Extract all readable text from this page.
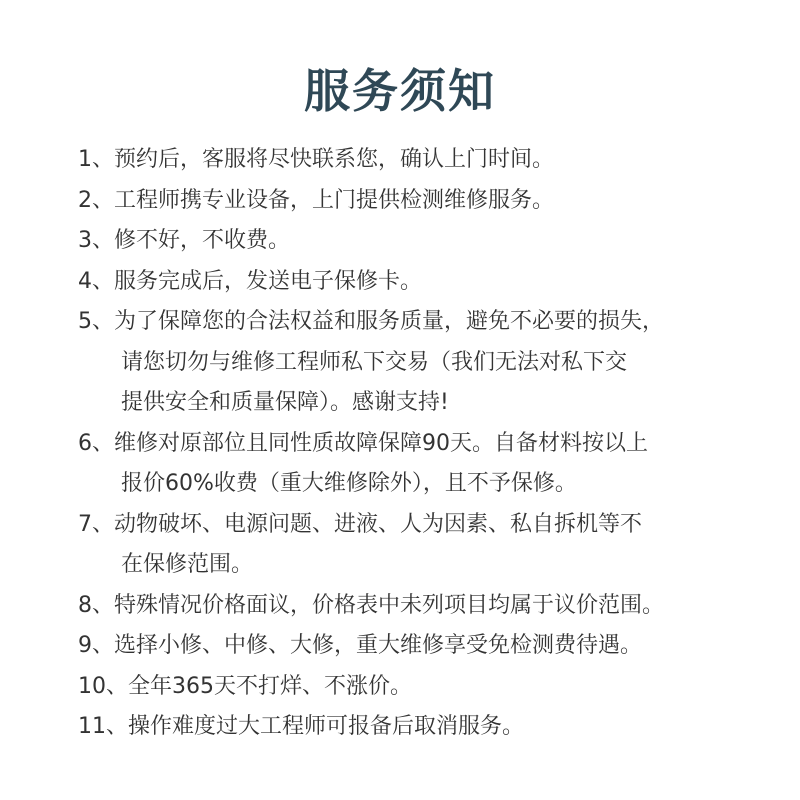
服务须知
1、预约后，客服将尽快联系您，确认上门时间。
2、工程师携专业设备，上门提供检测维修服务。
3、修不好，不收费。
4、服务完成后，发送电子保修卡。
5、为了保障您的合法权益和服务质量，避免不必要的损失，
请您切勿与维修工程师私下交易（我们无法对私下交
提供安全和质量保障）。感谢支持!
6、维修对原部位且同性质故障保障90天。自备材料按以上
报价60%收费（重大维修除外），且不予保修。
7、动物破坏、电源问题、进液、人为因素、私自拆机等不
在保修范围。
8、特殊情况价格面议，价格表中未列项目均属于议价范围。
9、选择小修、中修、大修，重大维修享受免检测费待遇。
10、全年365天不打烊、不涨价。
11、操作难度过大工程师可报备后取消服务。
